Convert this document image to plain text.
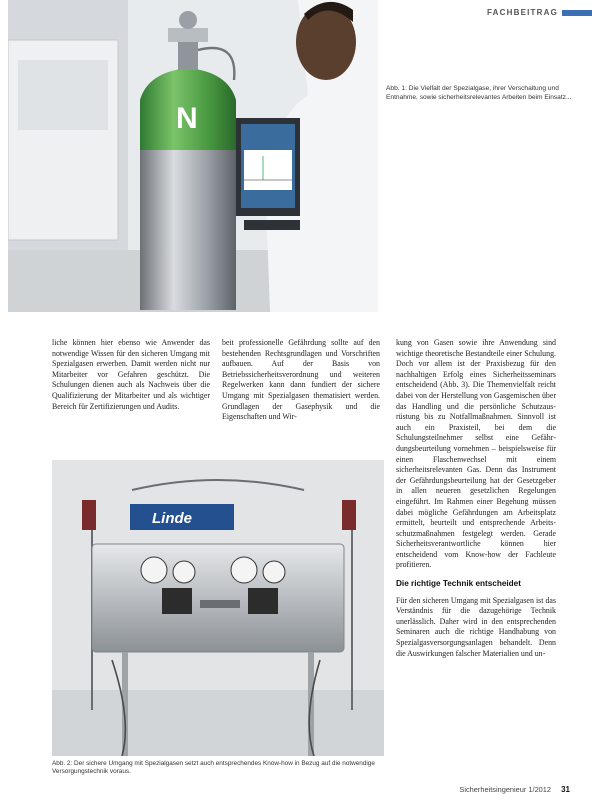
FACHBEITRAG
N
Abb. 1: Die Vielfalt der Spezialgase, ihrer Verschaltung und Entnahme, sowie sicherheitsrelevantes Arbeiten beim Einsatz...

liche können hier ebenso wie Anwender das notwendige Wissen für den sicheren Umgang mit Spezialgasen erwerben. Damit werden nicht nur Mitarbeiter vor Gefahren geschützt. Die Schulungen dienen auch als Nachweis über die Qualifizierung der Mitarbeiter und als wichtiger Bereich für Zertifizierungen und Audits.

beit professionelle Gefährdung sollte auf den bestehenden Rechtsgrundlagen und Vorschriften aufbauen. Auf der Basis von Betriebssicherheitsverordnung und weiteren Regelwerken kann dann fundiert der sichere Umgang mit Spezialgasen thematisiert werden. Grundlagen der Gasephysik und die Eigenschaften und Wir-

kung von Gasen sowie ihre Anwendung sind wichtige theoretische Bestandteile einer Schulung. Doch vor allem ist der Praxisbezug für den nachhaltigen Erfolg eines Sicherheitsseminars entscheidend (Abb. 3). Die Themenvielfalt reicht dabei von der Herstellung von Gasgemischen über das Handling und die persönliche Schutzausrüstung bis zu Notfallmaßnahmen. Sinnvoll ist auch ein Praxisteil, bei dem die Schulungsteilnehmer selbst eine Gefährdungsbeurteilung vornehmen – beispielsweise für einen Flaschenwechsel mit einem sicherheitsrelevanten Gas. Denn das Instrument der Gefährdungsbeurteilung hat der Gesetzgeber in allen neueren gesetzlichen Regelungen eingeführt. Im Rahmen einer Begehung müssen dabei mögliche Gefährdungen am Arbeitsplatz ermittelt, beurteilt und entsprechende Arbeitsschutzmaßnahmen festgelegt werden. Gerade Sicherheitsverantwortliche können hier entscheidend vom Know-how der Fachleute profitieren.

Die richtige Technik entscheidet

Für den sicheren Umgang mit Spezialgasen ist das Verständnis für die dazugehörige Technik unerlässlich. Daher wird in den entsprechenden Seminaren auch die richtige Handhabung von Spezialgasversorgungsanlagen behandelt. Denn die Auswirkungen falscher Materialien und un-

Linde
Abb. 2: Der sichere Umgang mit Spezialgasen setzt auch entsprechendes Know-how in Bezug auf die notwendige Versorgungstechnik voraus.
Sicherheitsingenieur 1/2012 31
